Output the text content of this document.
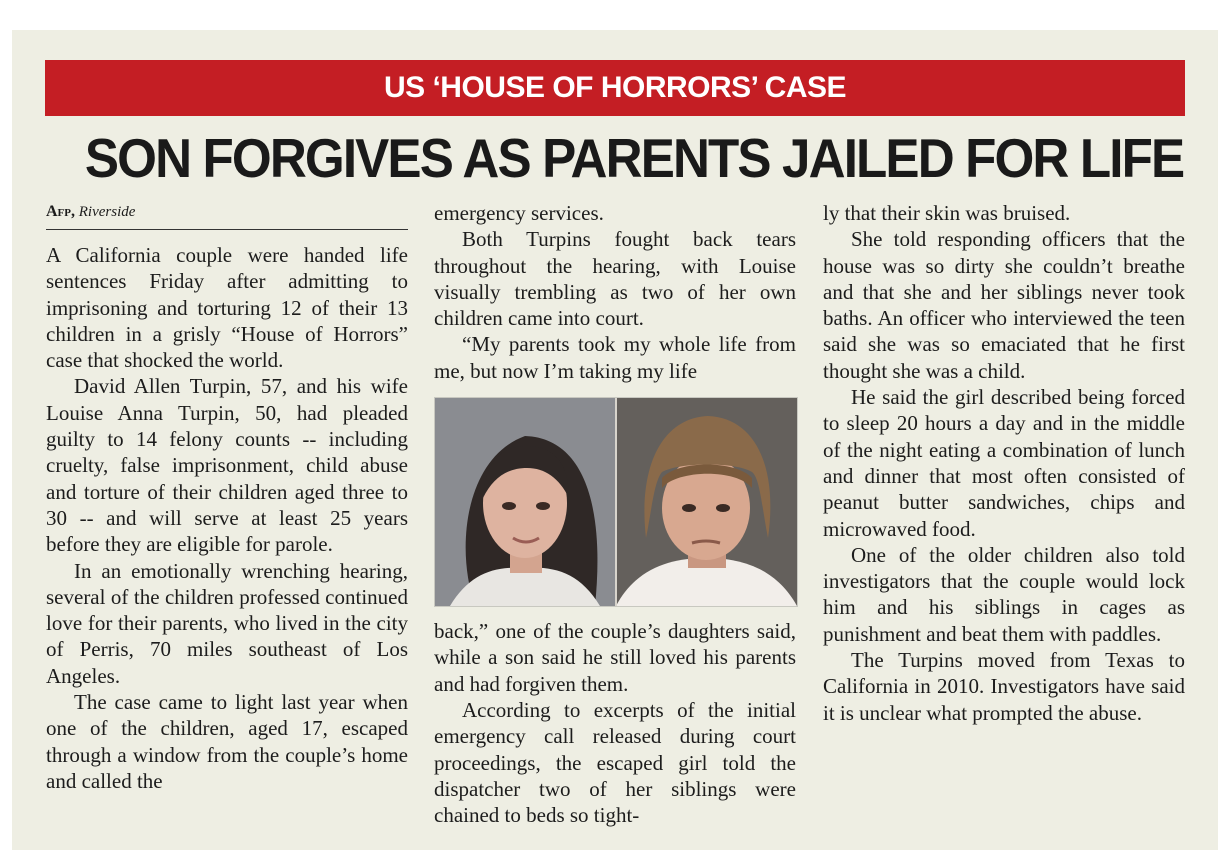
US ‘HOUSE OF HORRORS’ CASE
SON FORGIVES AS PARENTS JAILED FOR LIFE
Afp, Riverside

A California couple were handed life sentences Friday after admitting to imprisoning and torturing 12 of their 13 children in a grisly “House of Horrors” case that shocked the world.

David Allen Turpin, 57, and his wife Louise Anna Turpin, 50, had pleaded guilty to 14 felony counts -- including cruelty, false imprisonment, child abuse and torture of their children aged three to 30 -- and will serve at least 25 years before they are eligible for parole.

In an emotionally wrenching hearing, several of the children professed continued love for their parents, who lived in the city of Perris, 70 miles southeast of Los Angeles.

The case came to light last year when one of the children, aged 17, escaped through a window from the couple’s home and called the

emergency services.

Both Turpins fought back tears throughout the hearing, with Louise visually trembling as two of her own children came into court.

“My parents took my whole life from me, but now I’m taking my life

back,” one of the couple’s daughters said, while a son said he still loved his parents and had forgiven them.

According to excerpts of the initial emergency call released during court proceedings, the escaped girl told the dispatcher two of her siblings were chained to beds so tight-

ly that their skin was bruised.

She told responding officers that the house was so dirty she couldn’t breathe and that she and her siblings never took baths. An officer who interviewed the teen said she was so emaciated that he first thought she was a child.

He said the girl described being forced to sleep 20 hours a day and in the middle of the night eating a combination of lunch and dinner that most often consisted of peanut butter sandwiches, chips and microwaved food.

One of the older children also told investigators that the couple would lock him and his siblings in cages as punishment and beat them with paddles.

The Turpins moved from Texas to California in 2010. Investigators have said it is unclear what prompted the abuse.
